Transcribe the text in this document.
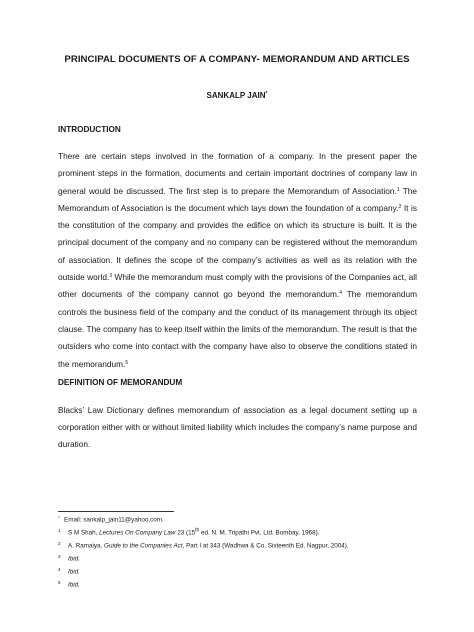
PRINCIPAL DOCUMENTS OF A COMPANY- MEMORANDUM AND ARTICLES
SANKALP JAIN*
INTRODUCTION

There are certain steps involved in the formation of a company. In the present paper the prominent steps in the formation, documents and certain important doctrines of company law in general would be discussed. The first step is to prepare the Memorandum of Association.$^1$ The Memorandum of Association is the document which lays down the foundation of a company.$^2$ It is the constitution of the company and provides the edifice on which its structure is built. It is the principal document of the company and no company can be registered without the memorandum of association. It defines the scope of the company’s activities as well as its relation with the outside world.$^3$ While the memorandum must comply with the provisions of the Companies act, all other documents of the company cannot go beyond the memorandum.$^4$ The memorandum controls the business field of the company and the conduct of its management through its object clause. The company has to keep itself within the limits of the memorandum. The result is that the outsiders who come into contact with the company have also to observe the conditions stated in the memorandum.$^5$

DEFINITION OF MEMORANDUM

Blacks’ Law Dictionary defines memorandum of association as a legal document setting up a corporation either with or without limited liability which includes the company’s name purpose and duration.

* Email: sankalp_jain11@yahoo.com.
1 S M Shah, Lectures On Company Law 23 (15th ed. N. M. Tripathi Pvt. Ltd. Bombay, 1968).
2 A. Ramaiya, Guide to the Companies Act, Part I at 343 (Wadhwa & Co. Sixteenth Ed. Nagpur, 2004).
3 Ibid.
4 Ibid.
5 Ibid.
